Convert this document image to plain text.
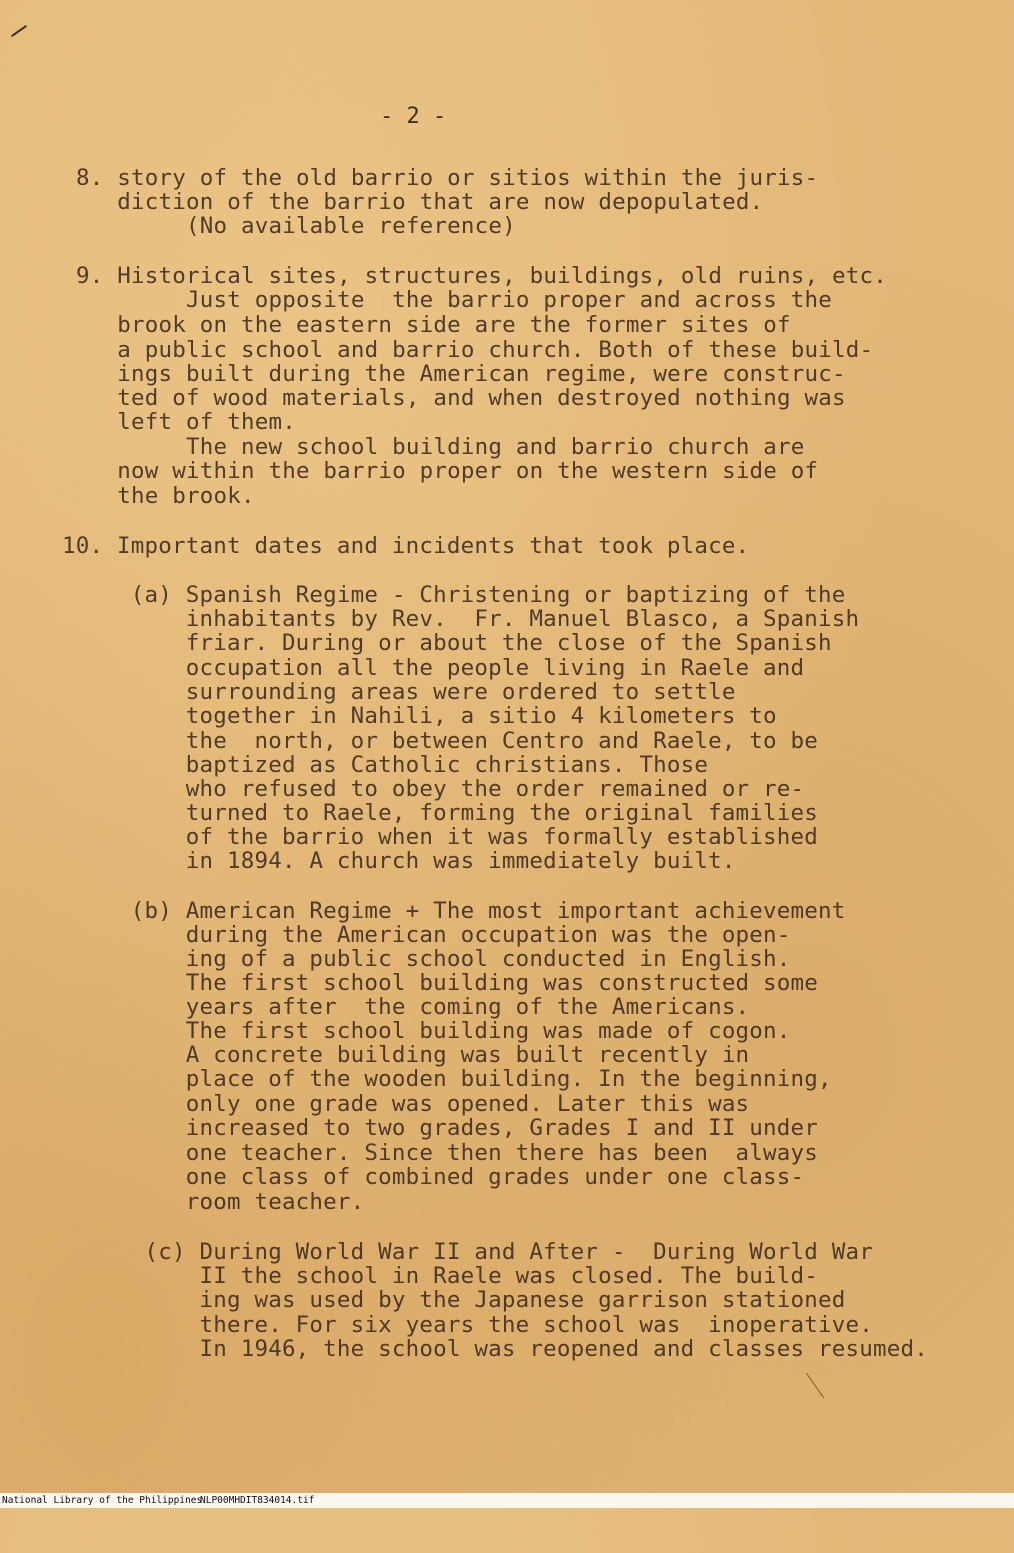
- 2 -
8. story of the old barrio or sitios within the juris-
diction of the barrio that are now depopulated.
(No available reference)
9. Historical sites, structures, buildings, old ruins, etc.
Just opposite  the barrio proper and across the
brook on the eastern side are the former sites of
a public school and barrio church. Both of these build-
ings built during the American regime, were construc-
ted of wood materials, and when destroyed nothing was
left of them.
The new school building and barrio church are
now within the barrio proper on the western side of
the brook.
10. Important dates and incidents that took place.
(a) Spanish Regime - Christening or baptizing of the
inhabitants by Rev.  Fr. Manuel Blasco, a Spanish
friar. During or about the close of the Spanish
occupation all the people living in Raele and
surrounding areas were ordered to settle
together in Nahili, a sitio 4 kilometers to
the  north, or between Centro and Raele, to be
baptized as Catholic christians. Those
who refused to obey the order remained or re-
turned to Raele, forming the original families
of the barrio when it was formally established
in 1894. A church was immediately built.
(b) American Regime + The most important achievement
during the American occupation was the open-
ing of a public school conducted in English.
The first school building was constructed some
years after  the coming of the Americans.
The first school building was made of cogon.
A concrete building was built recently in
place of the wooden building. In the beginning,
only one grade was opened. Later this was
increased to two grades, Grades I and II under
one teacher. Since then there has been  always
one class of combined grades under one class-
room teacher.
(c) During World War II and After -  During World War
II the school in Raele was closed. The build-
ing was used by the Japanese garrison stationed
there. For six years the school was  inoperative.
In 1946, the school was reopened and classes resumed.

National Library of the Philippines

NLP00MHDIT834014.tif
